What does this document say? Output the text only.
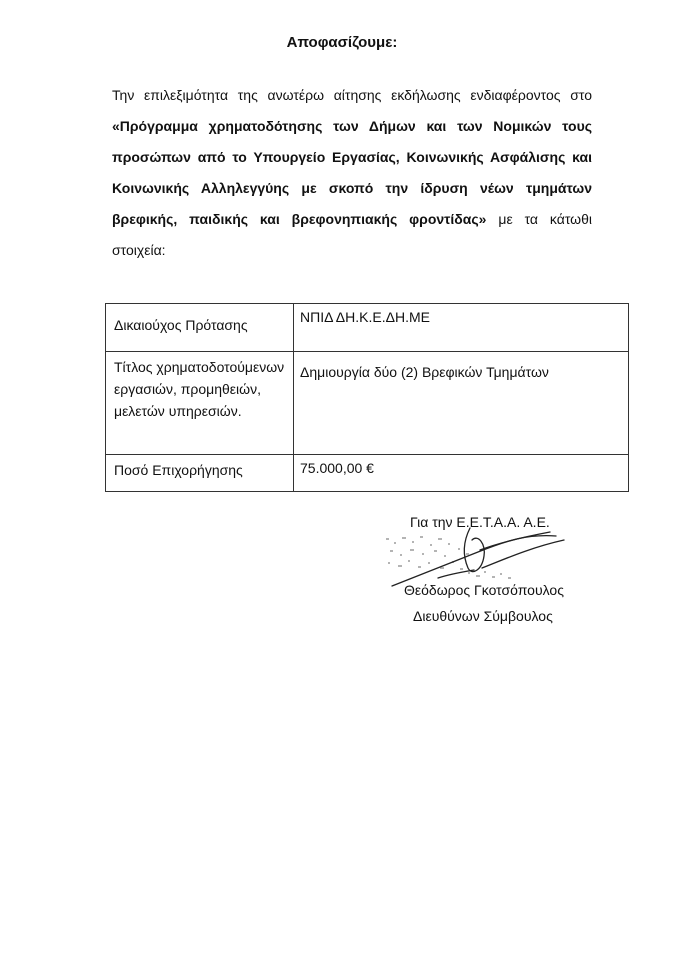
Αποφασίζουμε:
Την επιλεξιμότητα της ανωτέρω αίτησης εκδήλωσης ενδιαφέροντος στο «Πρόγραμμα χρηματοδότησης των Δήμων και των Νομικών τους προσώπων από το Υπουργείο Εργασίας, Κοινωνικής Ασφάλισης και Κοινωνικής Αλληλεγγύης με σκοπό την ίδρυση νέων τμημάτων βρεφικής, παιδικής και βρεφονηπιακής φροντίδας» με τα κάτωθι στοιχεία:
Δικαιούχος Πρότασης	ΝΠΙΔ ΔΗ.Κ.Ε.ΔΗ.ΜΕ
Τίτλος χρηματοδοτούμενων εργασιών, προμηθειών, μελετών υπηρεσιών.	Δημιουργία δύο (2) Βρεφικών Τμημάτων
Ποσό Επιχορήγησης	75.000,00 €
Για την Ε.Ε.Τ.Α.Α. Α.Ε.
Θεόδωρος Γκοτσόπουλος
Διευθύνων Σύμβουλος
